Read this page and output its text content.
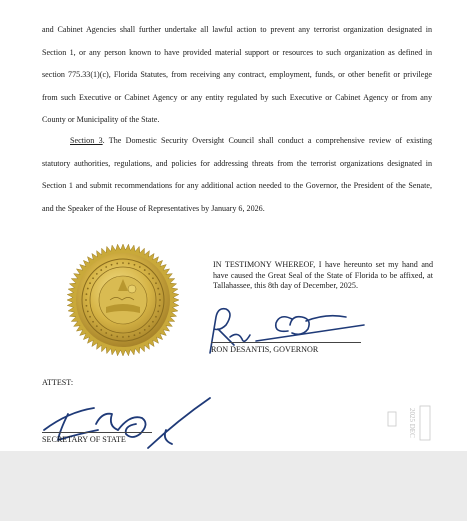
and Cabinet Agencies shall further undertake all lawful action to prevent any terrorist organization designated in Section 1, or any person known to have provided material support or resources to such organization as defined in section 775.33(1)(c), Florida Statutes, from receiving any contract, employment, funds, or other benefit or privilege from such Executive or Cabinet Agency or any entity regulated by such Executive or Cabinet Agency or from any County or Municipality of the State.

Section 3. The Domestic Security Oversight Council shall conduct a comprehensive review of existing statutory authorities, regulations, and policies for addressing threats from the terrorist organizations designated in Section 1 and submit recommendations for any additional action needed to the Governor, the President of the Senate, and the Speaker of the House of Representatives by January 6, 2026.

IN TESTIMONY WHEREOF, I have hereunto set my hand and have caused the Great Seal of the State of Florida to be affixed, at Tallahassee, this 8th day of December, 2025.

RON DESANTIS, GOVERNOR
ATTEST:
SECRETARY OF STATE
2025 DEC
